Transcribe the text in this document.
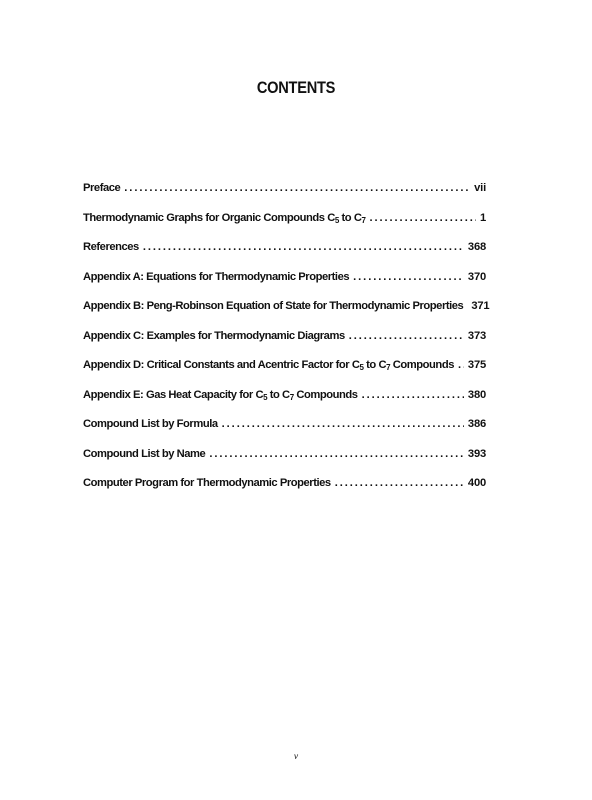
CONTENTS
Preface . . .	vii
Thermodynamic Graphs for Organic Compounds $C_5$ to $C_7$ . . .	1
References . . .	368
Appendix A: Equations for Thermodynamic Properties . . .	370
Appendix B: Peng-Robinson Equation of State for Thermodynamic Properties 371
Appendix C: Examples for Thermodynamic Diagrams . . .	373
Appendix D: Critical Constants and Acentric Factor for $C_5$ to $C_7$ Compounds . . . 375
Appendix E: Gas Heat Capacity for $C_5$ to $C_7$ Compounds . . .	380
Compound List by Formula . . .	386
Compound List by Name . . .	393
Computer Program for Thermodynamic Properties . . .	400
v
